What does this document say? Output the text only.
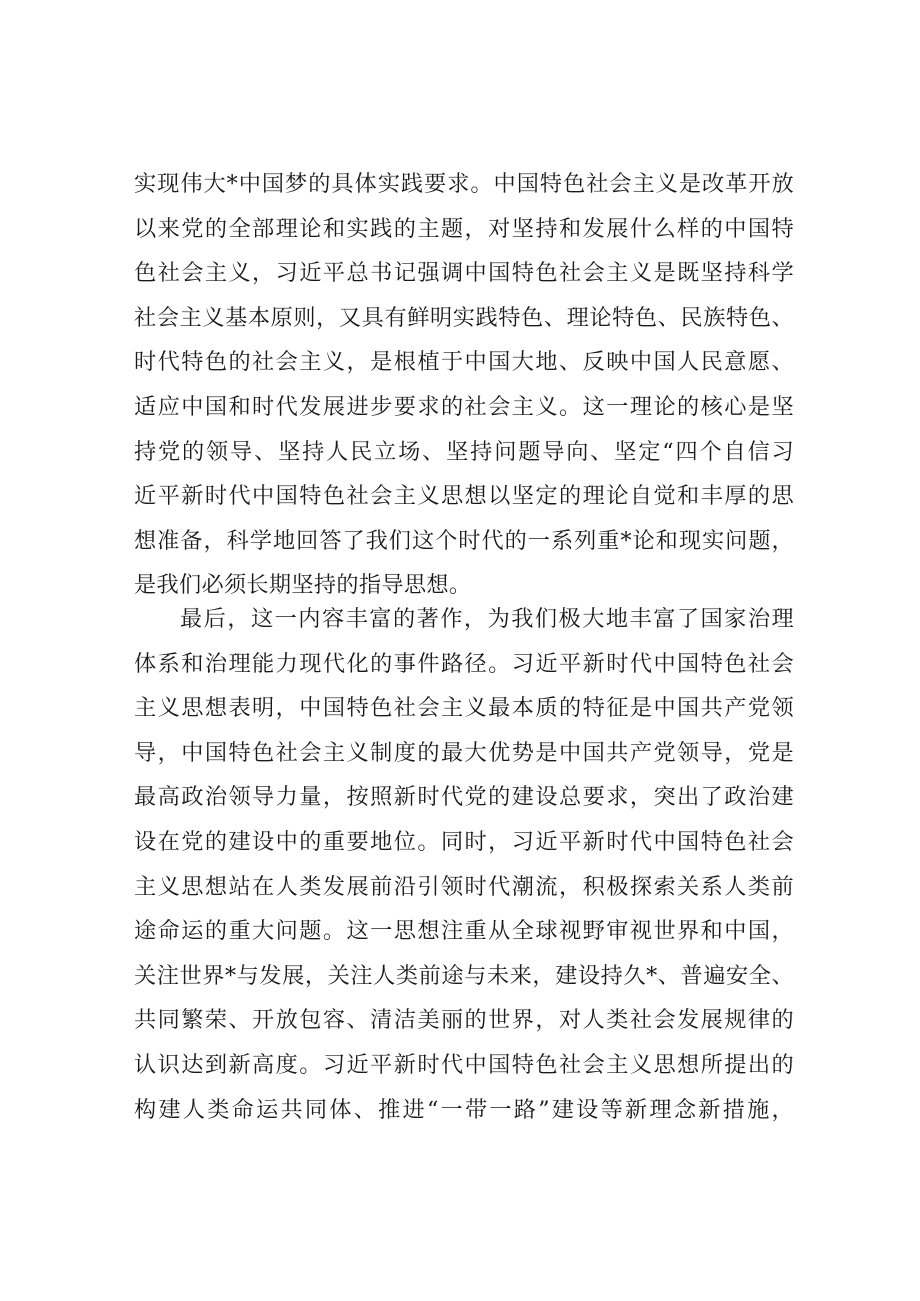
实现伟大*中国梦的具体实践要求。中国特色社会主义是改革开放
以来党的全部理论和实践的主题，对坚持和发展什么样的中国特
色社会主义，习近平总书记强调中国特色社会主义是既坚持科学
社会主义基本原则，又具有鲜明实践特色、理论特色、民族特色、
时代特色的社会主义，是根植于中国大地、反映中国人民意愿、
适应中国和时代发展进步要求的社会主义。这一理论的核心是坚
持党的领导、坚持人民立场、坚持问题导向、坚定“四个自信习
近平新时代中国特色社会主义思想以坚定的理论自觉和丰厚的思
想准备，科学地回答了我们这个时代的一系列重*论和现实问题，
是我们必须长期坚持的指导思想。
最后，这一内容丰富的著作，为我们极大地丰富了国家治理
体系和治理能力现代化的事件路径。习近平新时代中国特色社会
主义思想表明，中国特色社会主义最本质的特征是中国共产党领
导，中国特色社会主义制度的最大优势是中国共产党领导，党是
最高政治领导力量，按照新时代党的建设总要求，突出了政治建
设在党的建设中的重要地位。同时，习近平新时代中国特色社会
主义思想站在人类发展前沿引领时代潮流，积极探索关系人类前
途命运的重大问题。这一思想注重从全球视野审视世界和中国，
关注世界*与发展，关注人类前途与未来，建设持久*、普遍安全、
共同繁荣、开放包容、清洁美丽的世界，对人类社会发展规律的
认识达到新高度。习近平新时代中国特色社会主义思想所提出的
构建人类命运共同体、推进“一带一路”建设等新理念新措施，
